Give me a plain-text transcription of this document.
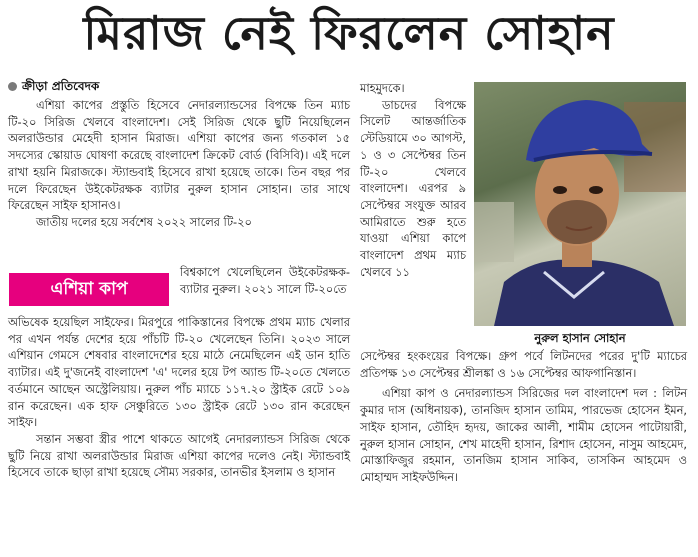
মিরাজ নেই ফিরলেন সোহান
ক্রীড়া প্রতিবেদক

এশিয়া কাপের প্রস্তুতি হিসেবে নেদারল্যান্ডসের বিপক্ষে তিন ম্যাচ টি-২০ সিরিজ খেলবে বাংলাদেশ। সেই সিরিজ থেকে ছুটি নিয়েছিলেন অলরাউন্ডার মেহেদী হাসান মিরাজ। এশিয়া কাপের জন্য গতকাল ১৫ সদস্যের স্কোয়াড ঘোষণা করেছে বাংলাদেশ ক্রিকেট বোর্ড (বিসিবি)। এই দলে রাখা হয়নি মিরাজকে। স্ট্যান্ডবাই হিসেবে রাখা হয়েছে তাকে। তিন বছর পর দলে ফিরেছেন উইকেটরক্ষক ব্যাটার নুরুল হাসান সোহান। তার সাথে ফিরেছেন সাইফ হাসানও।

জাতীয় দলের হয়ে সর্বশেষ ২০২২ সালের টি-২০

এশিয়া কাপ

বিশ্বকাপে খেলেছিলেন উইকেটরক্ষক-ব্যাটার নুরুল। ২০২১ সালে টি-২০তে

অভিষেক হয়েছিল সাইফের। মিরপুরে পাকিস্তানের বিপক্ষে প্রথম ম্যাচ খেলার পর এখন পর্যন্ত দেশের হয়ে পাঁচটি টি-২০ খেলেছেন তিনি। ২০২৩ সালে এশিয়ান গেমসে শেষবার বাংলাদেশের হয়ে মাঠে নেমেছিলেন এই ডান হাতি ব্যাটার। এই দু'জনেই বাংলাদেশ 'এ' দলের হয়ে টপ অ্যান্ড টি-২০তে খেলতে বর্তমানে আছেন অস্ট্রেলিয়ায়। নুরুল পাঁচ ম্যাচে ১১৭.২০ স্ট্রাইক রেটে ১০৯ রান করেছেন। এক হাফ সেঞ্চুরিতে ১৩০ স্ট্রাইক রেটে ১৩০ রান করেছেন সাইফ।

সন্তান সম্ভবা স্ত্রীর পাশে থাকতে আগেই নেদারল্যান্ডস সিরিজ থেকে ছুটি নিয়ে রাখা অলরাউন্ডার মিরাজ এশিয়া কাপের দলেও নেই। স্ট্যান্ডবাই হিসেবে তাকে ছাড়া রাখা হয়েছে সৌম্য সরকার, তানভীর ইসলাম ও হাসান

মাহমুদকে।

ডাচদের বিপক্ষে সিলেট আন্তর্জাতিক স্টেডিয়ামে ৩০ আগস্ট, ১ ও ৩ সেপ্টেম্বর তিন টি-২০ খেলবে বাংলাদেশ। এরপর ৯ সেপ্টেম্বর সংযুক্ত আরব আমিরাতে শুরু হতে যাওয়া এশিয়া কাপে বাংলাদেশ প্রথম ম্যাচ খেলবে ১১

নুরুল হাসান সোহান

সেপ্টেম্বর হংকংয়ের বিপক্ষে। গ্রুপ পর্বে লিটনদের পরের দু'টি ম্যাচের প্রতিপক্ষ ১৩ সেপ্টেম্বর শ্রীলঙ্কা ও ১৬ সেপ্টেম্বর আফগানিস্তান।

এশিয়া কাপ ও নেদারল্যান্ডস সিরিজের দল বাংলাদেশ দল : লিটন কুমার দাস (অধিনায়ক), তানজিদ হাসান তামিম, পারভেজ হোসেন ইমন, সাইফ হাসান, তৌহিদ হৃদয়, জাকের আলী, শামীম হোসেন পাটোয়ারী, নুরুল হাসান সোহান, শেখ মাহেদী হাসান, রিশাদ হোসেন, নাসুম আহমেদ, মোস্তাফিজুর রহমান, তানজিম হাসান সাকিব, তাসকিন আহমেদ ও মোহাম্মদ সাইফউদ্দিন।
